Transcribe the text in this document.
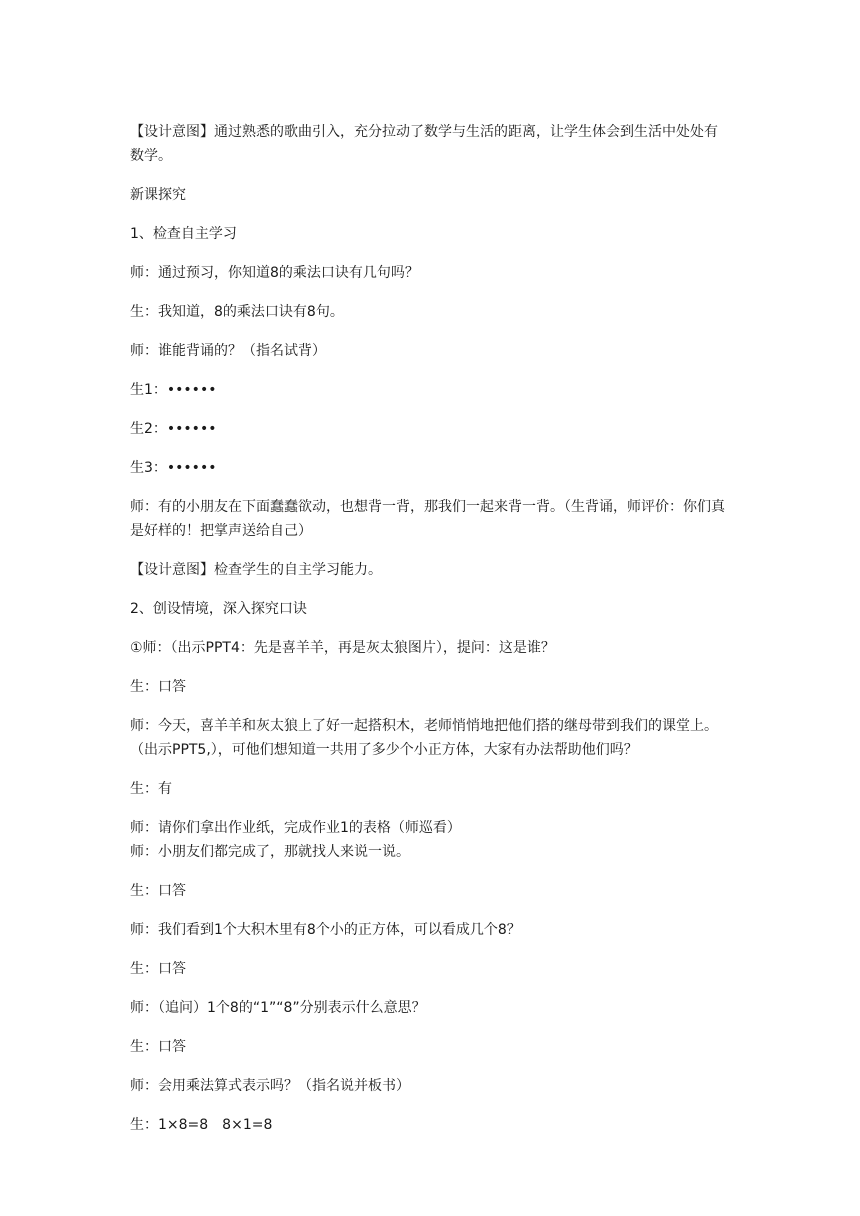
【设计意图】通过熟悉的歌曲引入，充分拉动了数学与生活的距离，让学生体会到生活中处处有数学。

新课探究

1、检查自主学习

师：通过预习，你知道8的乘法口诀有几句吗？

生：我知道，8的乘法口诀有8句。

师：谁能背诵的？（指名试背）

生1：••••••

生2：••••••

生3：••••••

师：有的小朋友在下面蠢蠢欲动，也想背一背，那我们一起来背一背。（生背诵，师评价：你们真是好样的！把掌声送给自己）

【设计意图】检查学生的自主学习能力。

2、创设情境，深入探究口诀

①师：（出示PPT4：先是喜羊羊，再是灰太狼图片），提问：这是谁？

生：口答

师：今天，喜羊羊和灰太狼上了好一起搭积木，老师悄悄地把他们搭的继母带到我们的课堂上。（出示PPT5,），可他们想知道一共用了多少个小正方体，大家有办法帮助他们吗？

生：有

师：请你们拿出作业纸，完成作业1的表格（师巡看）

师：小朋友们都完成了，那就找人来说一说。

生：口答

师：我们看到1个大积木里有8个小的正方体，可以看成几个8？

生：口答

师：（追问）1个8的“1”“8”分别表示什么意思？

生：口答

师：会用乘法算式表示吗？（指名说并板书）

生：1×8=8　8×1=8
